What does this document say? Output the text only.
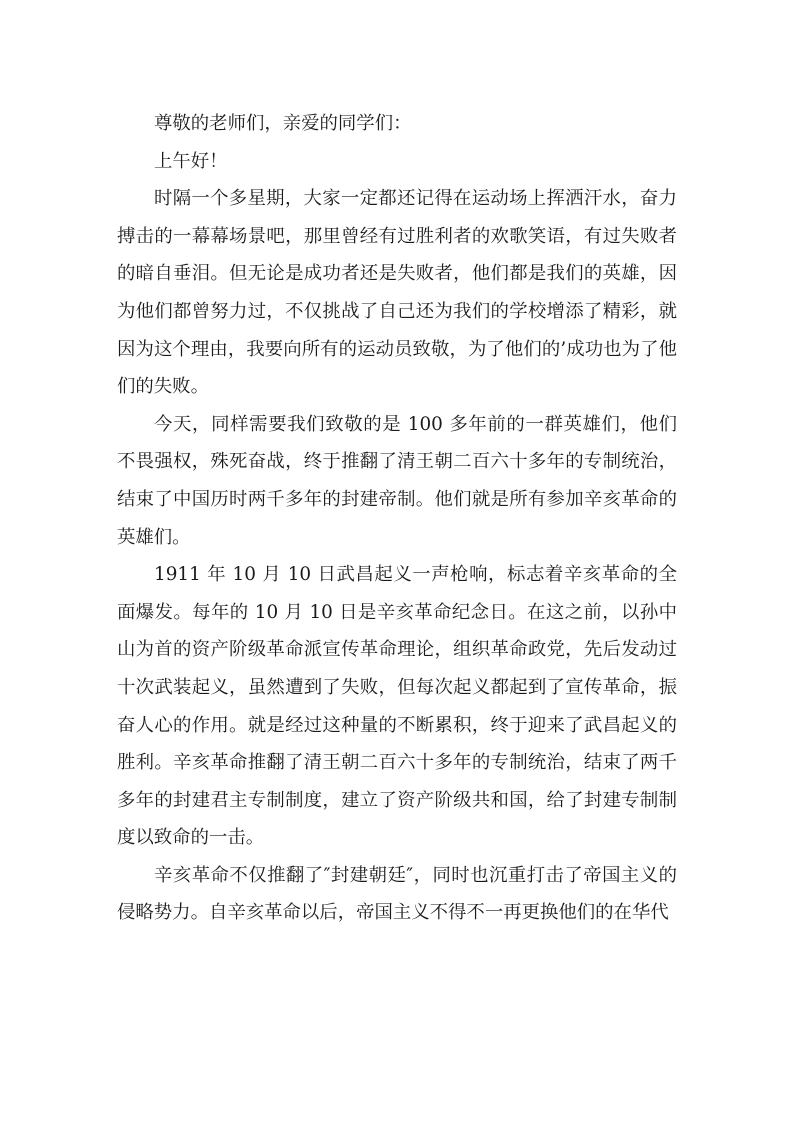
尊敬的老师们，亲爱的同学们：

上午好！

时隔一个多星期，大家一定都还记得在运动场上挥洒汗水，奋力搏击的一幕幕场景吧，那里曾经有过胜利者的欢歌笑语，有过失败者的暗自垂泪。但无论是成功者还是失败者，他们都是我们的英雄，因为他们都曾努力过，不仅挑战了自己还为我们的学校增添了精彩，就因为这个理由，我要向所有的运动员致敬，为了他们的’成功也为了他们的失败。

今天，同样需要我们致敬的是 100 多年前的一群英雄们，他们不畏强权，殊死奋战，终于推翻了清王朝二百六十多年的专制统治，结束了中国历时两千多年的封建帝制。他们就是所有参加辛亥革命的英雄们。

1911 年 10 月 10 日武昌起义一声枪响，标志着辛亥革命的全面爆发。每年的 10 月 10 日是辛亥革命纪念日。在这之前，以孙中山为首的资产阶级革命派宣传革命理论，组织革命政党，先后发动过十次武装起义，虽然遭到了失败，但每次起义都起到了宣传革命，振奋人心的作用。就是经过这种量的不断累积，终于迎来了武昌起义的胜利。辛亥革命推翻了清王朝二百六十多年的专制统治，结束了两千多年的封建君主专制制度，建立了资产阶级共和国，给了封建专制制度以致命的一击。

辛亥革命不仅推翻了″封建朝廷″，同时也沉重打击了帝国主义的侵略势力。自辛亥革命以后，帝国主义不得不一再更换他们的在华代
